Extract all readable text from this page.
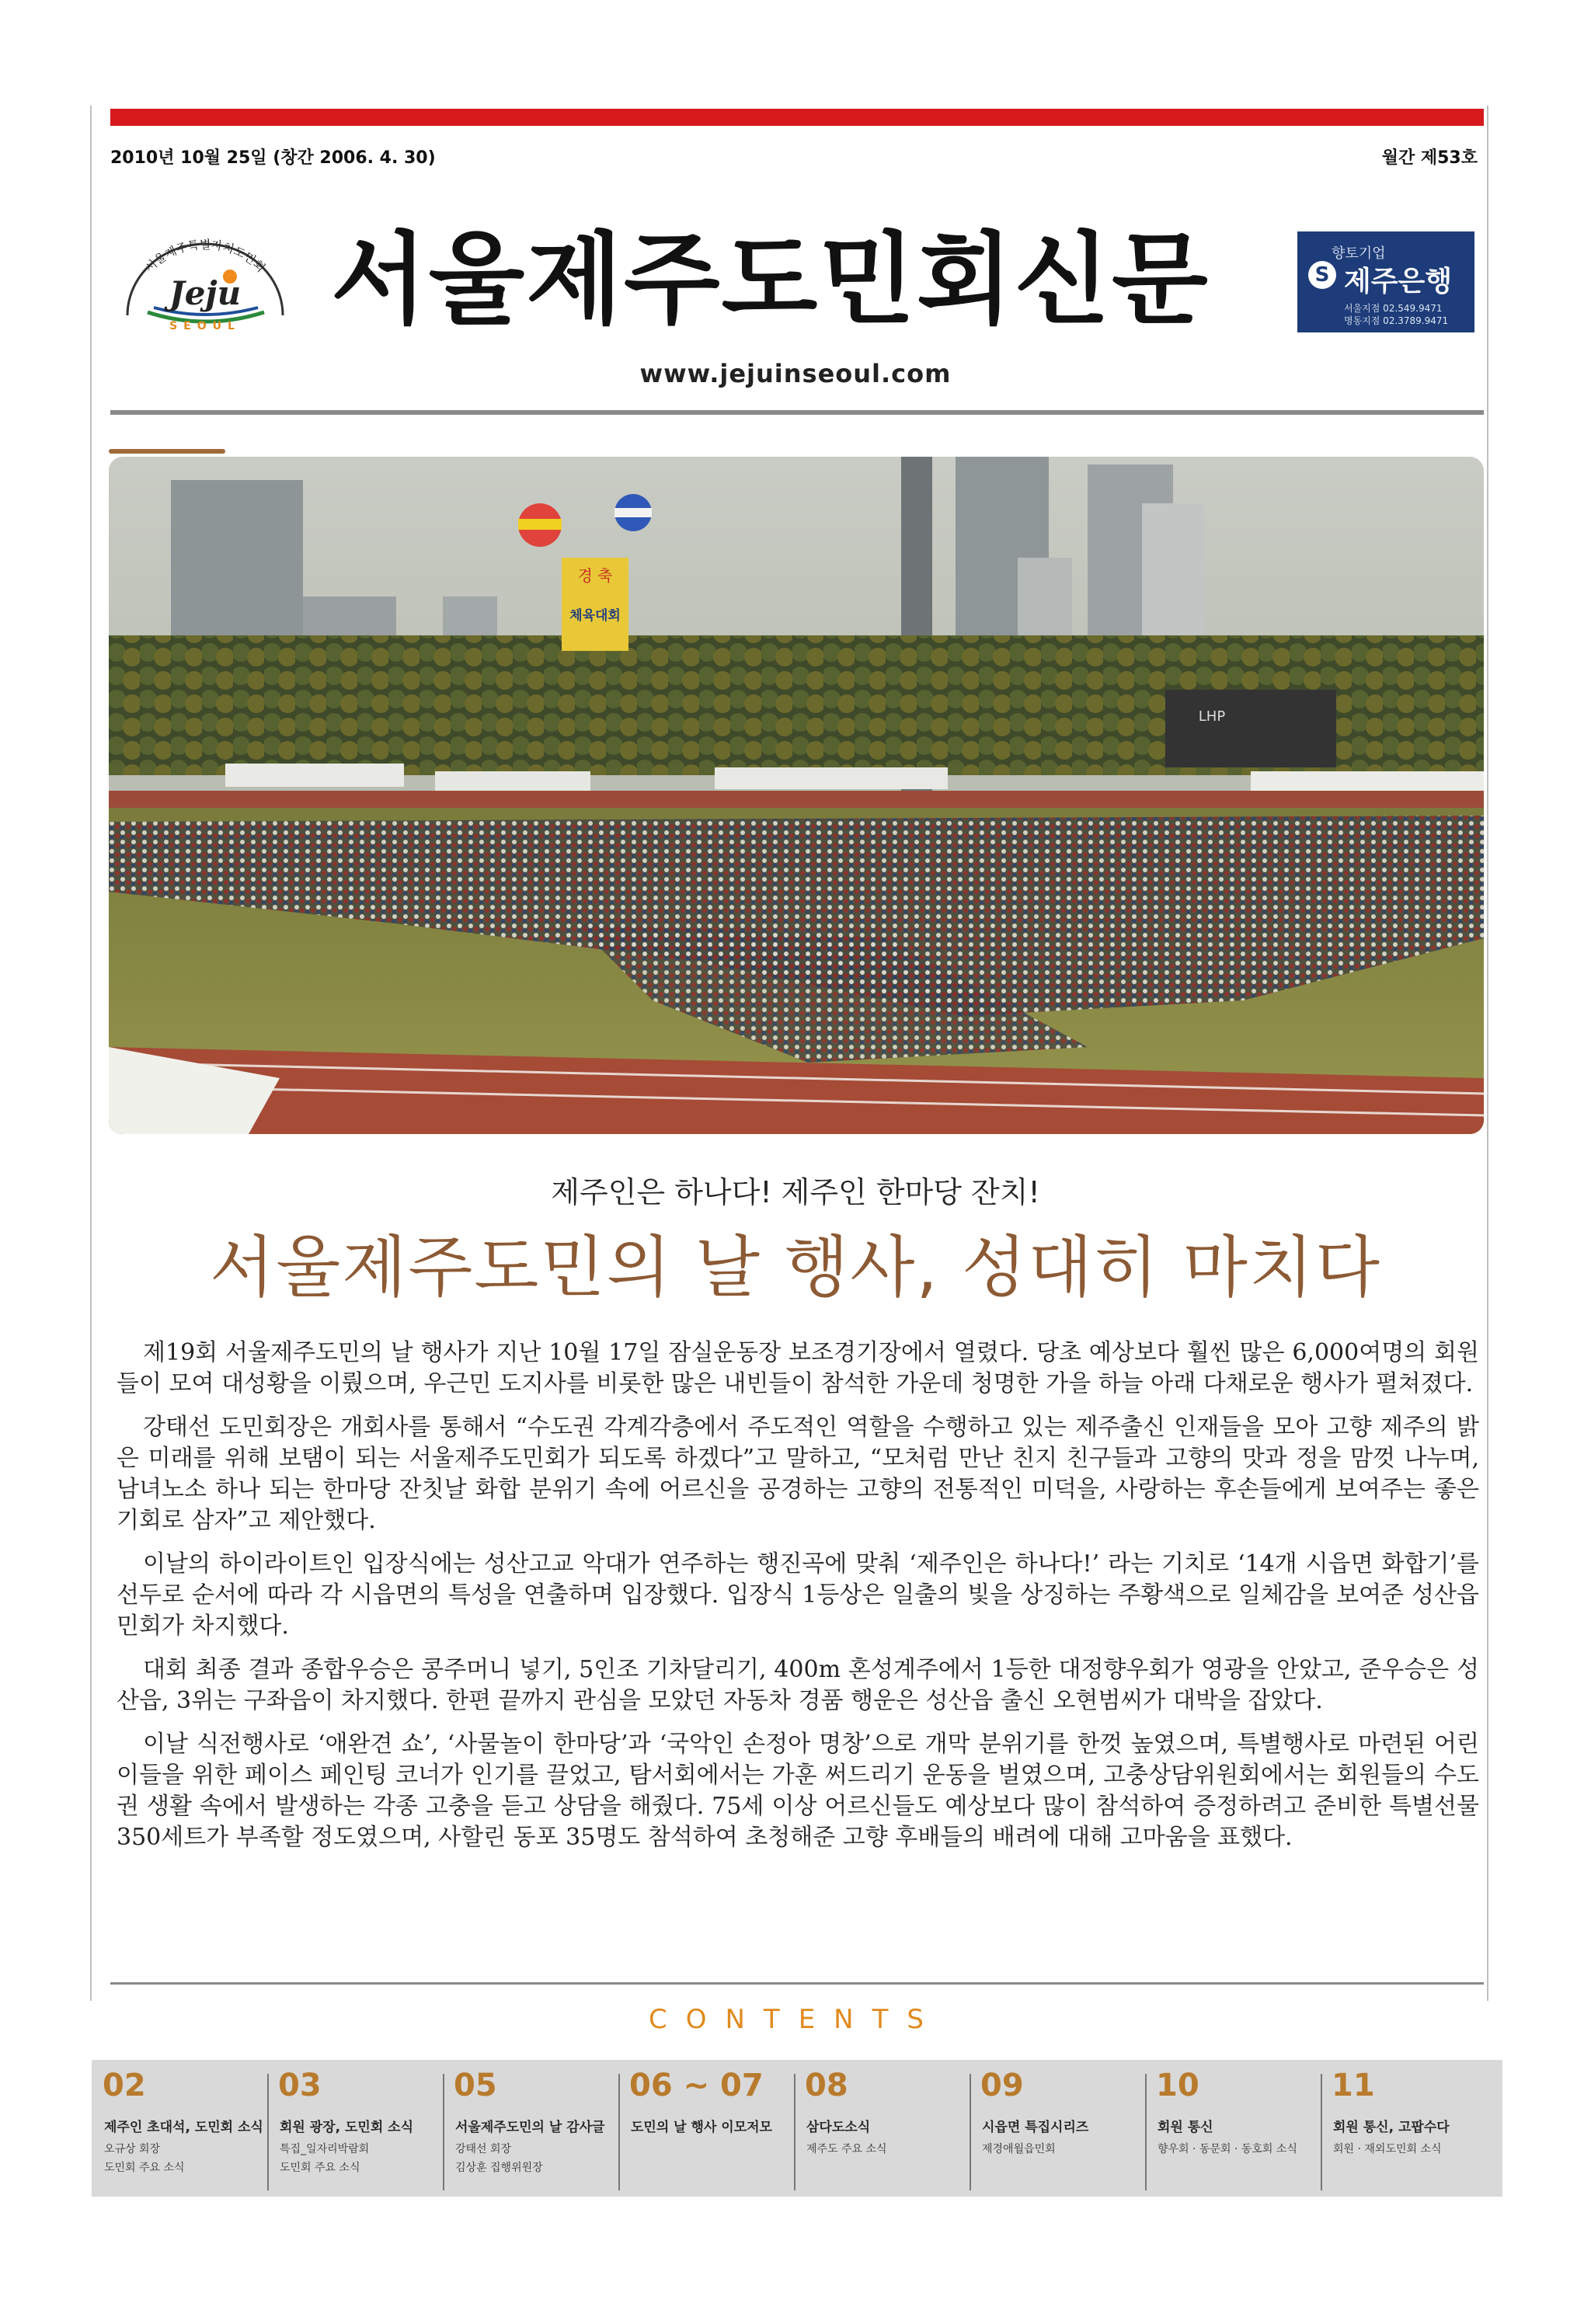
2010년 10월 25일 (창간 2006. 4. 30)	월간 제53호
서울제주특별자치도민회
Jeju
SEOUL 서울제주도민회신문	향토기업
S 제주은행
서울지점 02.549.9471
명동지점 02.3789.9471
www.jejuinseoul.com
경 축
체육대회
LHP
제주인은 하나다! 제주인 한마당 잔치!
서울제주도민의 날 행사, 성대히 마치다

제19회 서울제주도민의 날 행사가 지난 10월 17일 잠실운동장 보조경기장에서 열렸다. 당초 예상보다 훨씬 많은 6,000여명의 회원들이 모여 대성황을 이뤘으며, 우근민 도지사를 비롯한 많은 내빈들이 참석한 가운데 청명한 가을 하늘 아래 다채로운 행사가 펼쳐졌다.

강태선 도민회장은 개회사를 통해서 “수도권 각계각층에서 주도적인 역할을 수행하고 있는 제주출신 인재들을 모아 고향 제주의 밝은 미래를 위해 보탬이 되는 서울제주도민회가 되도록 하겠다”고 말하고, “모처럼 만난 친지 친구들과 고향의 맛과 정을 맘껏 나누며, 남녀노소 하나 되는 한마당 잔칫날 화합 분위기 속에 어르신을 공경하는 고향의 전통적인 미덕을, 사랑하는 후손들에게 보여주는 좋은 기회로 삼자”고 제안했다.

이날의 하이라이트인 입장식에는 성산고교 악대가 연주하는 행진곡에 맞춰 ‘제주인은 하나다!’ 라는 기치로 ‘14개 시읍면 화합기’를 선두로 순서에 따라 각 시읍면의 특성을 연출하며 입장했다. 입장식 1등상은 일출의 빛을 상징하는 주황색으로 일체감을 보여준 성산읍민회가 차지했다.

대회 최종 결과 종합우승은 콩주머니 넣기, 5인조 기차달리기, 400m 혼성계주에서 1등한 대정향우회가 영광을 안았고, 준우승은 성산읍, 3위는 구좌읍이 차지했다. 한편 끝까지 관심을 모았던 자동차 경품 행운은 성산읍 출신 오현범씨가 대박을 잡았다.

이날 식전행사로 ‘애완견 쇼’, ‘사물놀이 한마당’과 ‘국악인 손정아 명창’으로 개막 분위기를 한껏 높였으며, 특별행사로 마련된 어린이들을 위한 페이스 페인팅 코너가 인기를 끌었고, 탐서회에서는 가훈 써드리기 운동을 벌였으며, 고충상담위원회에서는 회원들의 수도권 생활 속에서 발생하는 각종 고충을 듣고 상담을 해줬다. 75세 이상 어르신들도 예상보다 많이 참석하여 증정하려고 준비한 특별선물 350세트가 부족할 정도였으며, 사할린 동포 35명도 참석하여 초청해준 고향 후배들의 배려에 대해 고마움을 표했다.

CONTENTS
02
제주인 초대석, 도민회 소식
오규상 회장
도민회 주요 소식
03
회원 광장, 도민회 소식
특집_일자리박람회
도민회 주요 소식
05
서울제주도민의 날 감사글
강태선 회장
김상훈 집행위원장
06 ~ 07
도민의 날 행사 이모저모
08
삼다도소식
제주도 주요 소식
09
시읍면 특집시리즈
제경애월읍민회
10
회원 통신
향우회 · 동문회 · 동호회 소식
11
회원 통신, 고팝수다
회원 · 재외도민회 소식
